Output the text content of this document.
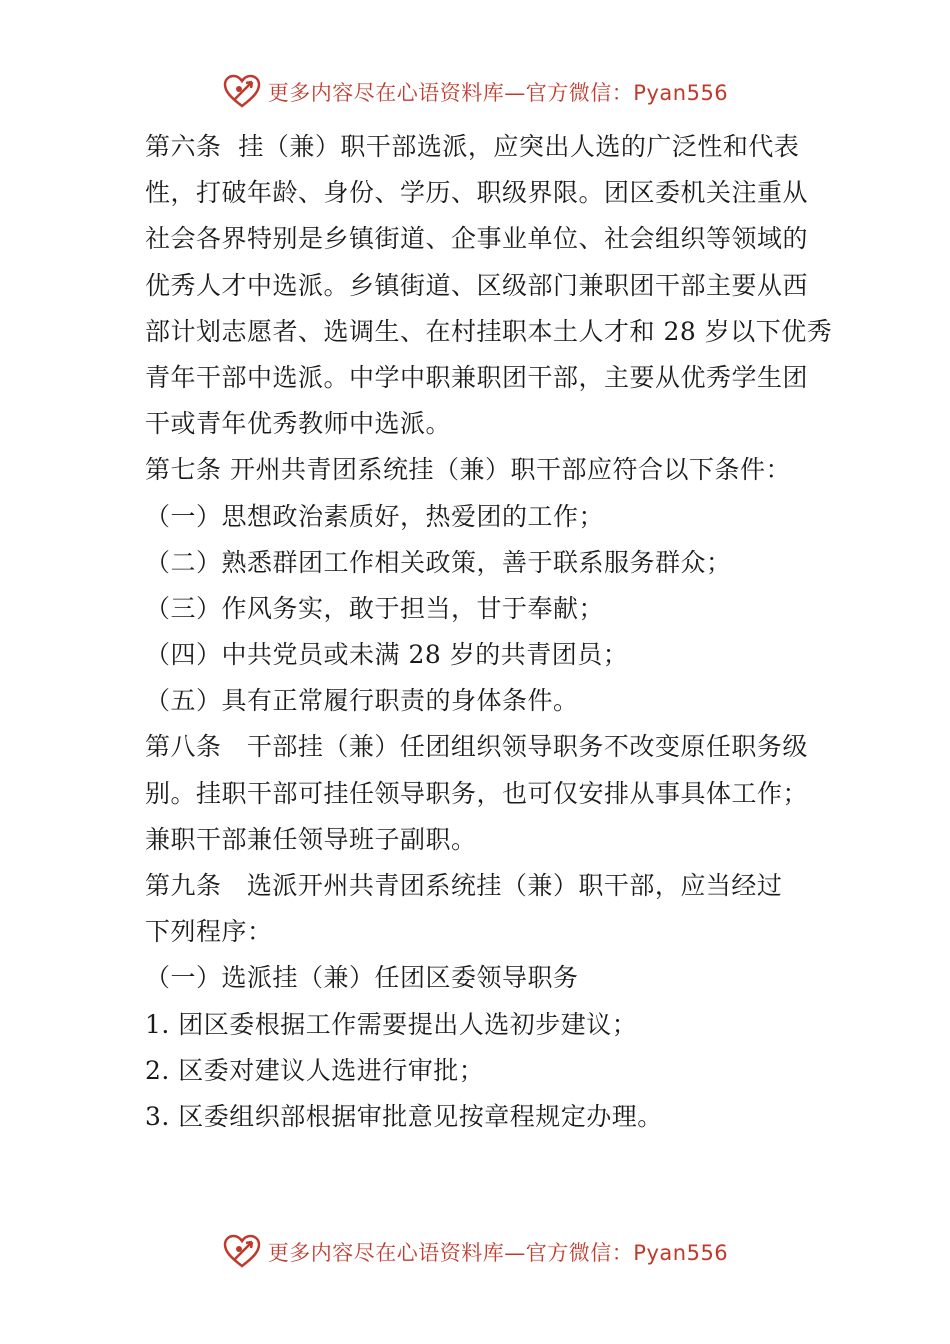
更多内容尽在心语资料库—官方微信：Pyan556
第六条  挂（兼）职干部选派，应突出人选的广泛性和代表
性，打破年龄、身份、学历、职级界限。团区委机关注重从
社会各界特别是乡镇街道、企事业单位、社会组织等领域的
优秀人才中选派。乡镇街道、区级部门兼职团干部主要从西
部计划志愿者、选调生、在村挂职本土人才和 28 岁以下优秀
青年干部中选派。中学中职兼职团干部，主要从优秀学生团
干或青年优秀教师中选派。
第七条 开州共青团系统挂（兼）职干部应符合以下条件：
（一）思想政治素质好，热爱团的工作；
（二）熟悉群团工作相关政策，善于联系服务群众；
（三）作风务实，敢于担当，甘于奉献；
（四）中共党员或未满 28 岁的共青团员；
（五）具有正常履行职责的身体条件。
第八条   干部挂（兼）任团组织领导职务不改变原任职务级
别。挂职干部可挂任领导职务，也可仅安排从事具体工作；
兼职干部兼任领导班子副职。
第九条   选派开州共青团系统挂（兼）职干部，应当经过
下列程序：
（一）选派挂（兼）任团区委领导职务
1. 团区委根据工作需要提出人选初步建议；
2. 区委对建议人选进行审批；
3. 区委组织部根据审批意见按章程规定办理。
更多内容尽在心语资料库—官方微信：Pyan556
